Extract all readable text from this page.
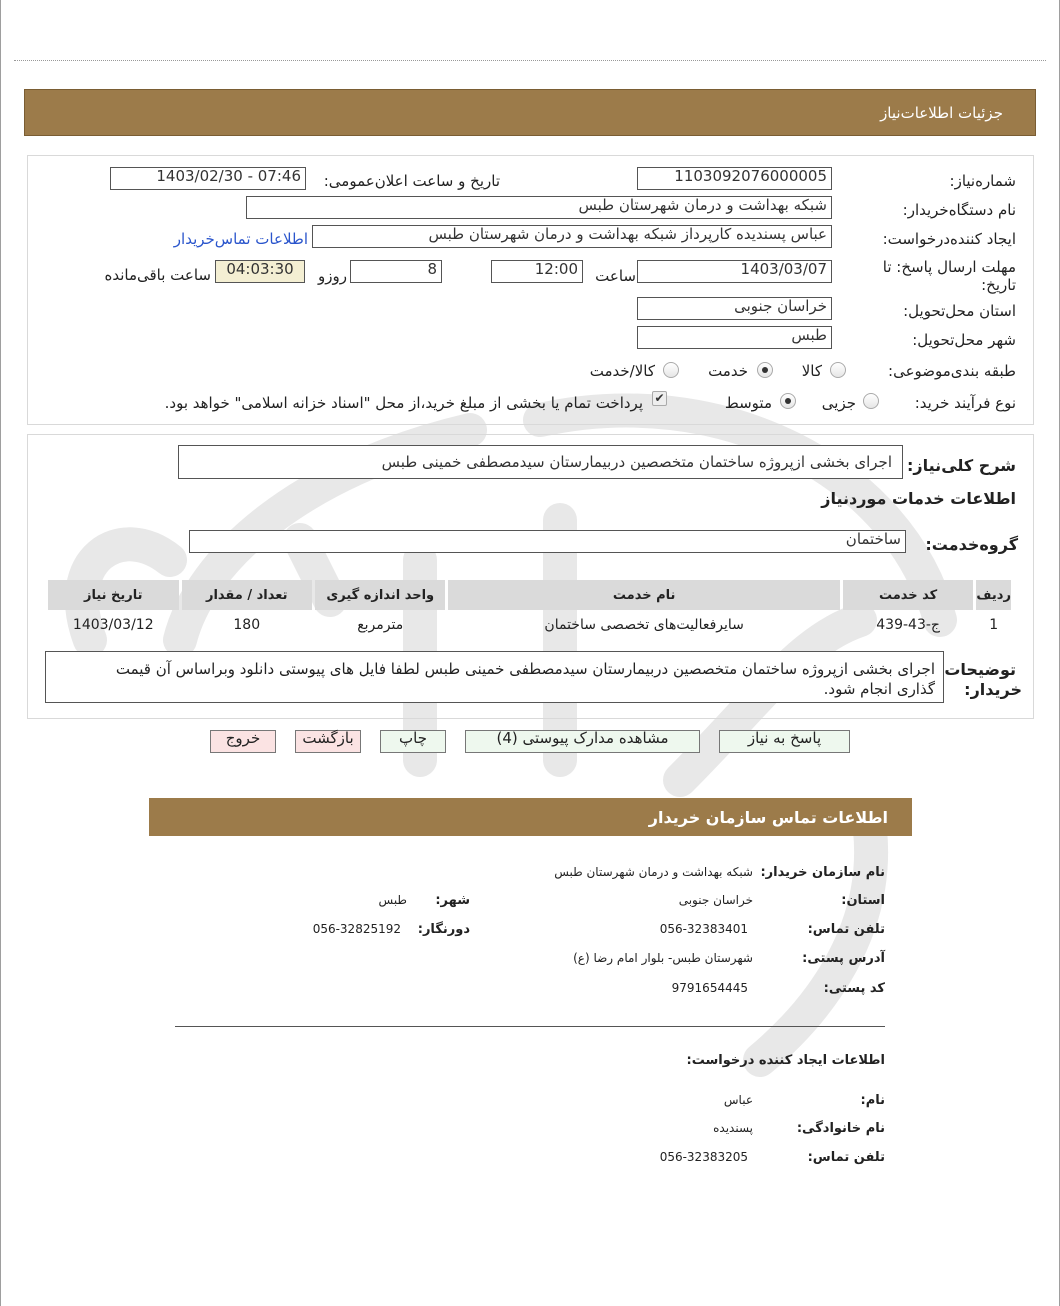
جزئیات اطلاعات‌نیاز
شماره‌نیاز:
1103092076000005
تاریخ و ساعت اعلان‌عمومی:
1403/02/30 - 07:46
نام دستگاه‌خریدار:
شبکه بهداشت و درمان شهرستان طبس
ایجاد کننده‌درخواست:
عباس پسندیده کارپرداز شبکه بهداشت و درمان شهرستان طبس
اطلاعات تماس‌خریدار
مهلت ارسال پاسخ: تا
تاریخ:
1403/03/07
ساعت
12:00
8
روزو
04:03:30
ساعت باقی‌مانده
استان محل‌تحویل:
خراسان جنوبی
شهر محل‌تحویل:
طبس
طبقه بندی‌موضوعی:
کالا
خدمت
کالا/خدمت
نوع فرآیند خرید:
جزیی
متوسط
✔
پرداخت تمام یا بخشی از مبلغ خرید،از محل "اسناد خزانه اسلامی" خواهد بود.
شرح کلی‌نیاز:
اجرای بخشی ازپروژه ساختمان متخصصین دربیمارستان سیدمصطفی خمینی طبس
اطلاعات خدمات موردنیاز
گروه‌خدمت:
ساختمان
ردیف	کد خدمت	نام خدمت	واحد اندازه گیری	تعداد / مقدار	تاریخ نیاز
1	ج-43-439	سایرفعالیت‌های تخصصی ساختمان	مترمربع	180	1403/03/12
توضیحات
خریدار:
اجرای بخشی ازپروژه ساختمان متخصصین دربیمارستان سیدمصطفی خمینی طبس لطفا فایل های پیوستی دانلود وبراساس آن قیمت
گذاری انجام شود.
پاسخ به نیاز
مشاهده مدارک پیوستی (4)
چاپ
بازگشت
خروج
اطلاعات تماس سازمان خریدار
نام سازمان خریدار:
شبکه بهداشت و درمان شهرستان طبس
استان:
خراسان جنوبی
شهر:
طبس
تلفن تماس:
056-32383401
دورنگار:
056-32825192
آدرس پستی:
شهرستان طبس- بلوار امام رضا (ع)
کد پستی:
9791654445
اطلاعات ایجاد کننده درخواست:
نام:
عباس
نام خانوادگی:
پسندیده
تلفن تماس:
056-32383205
